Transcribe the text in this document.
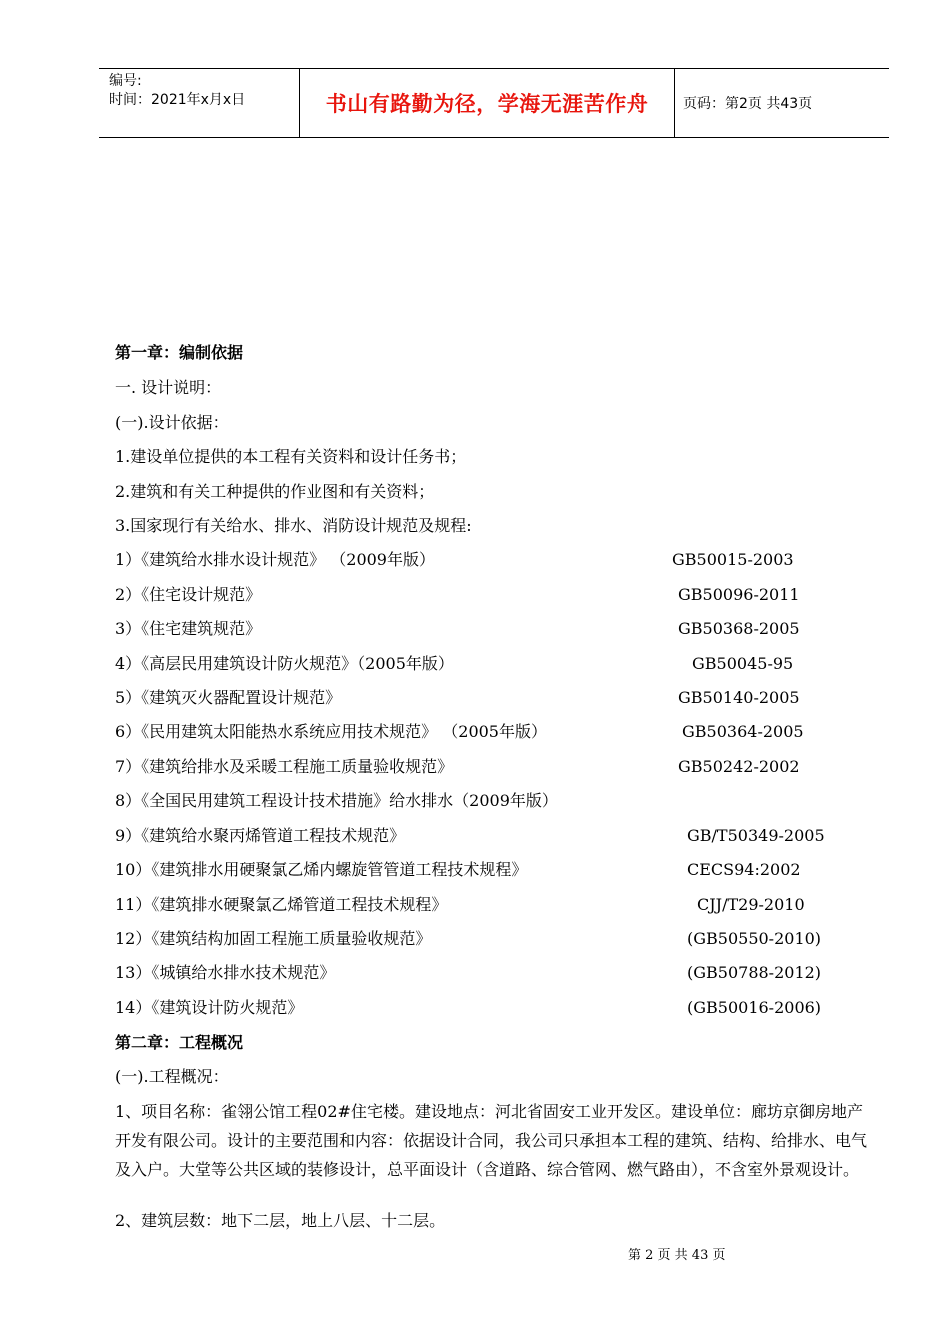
编号:
时间：2021年x月x日	书山有路勤为径，学海无涯苦作舟 页码：第2页 共43页
第一章：编制依据
一. 设计说明：
(一).设计依据：
1.建设单位提供的本工程有关资料和设计任务书；
2.建筑和有关工种提供的作业图和有关资料；
3.国家现行有关给水、排水、消防设计规范及规程:
1）《建筑给水排水设计规范》 （2009年版）	GB50015-2003
2）《住宅设计规范》	GB50096-2011
3）《住宅建筑规范》	GB50368-2005
4）《高层民用建筑设计防火规范》（2005年版）	GB50045-95
5）《建筑灭火器配置设计规范》	GB50140-2005
6）《民用建筑太阳能热水系统应用技术规范》 （2005年版）	GB50364-2005
7）《建筑给排水及采暖工程施工质量验收规范》	GB50242-2002
8）《全国民用建筑工程设计技术措施》给水排水（2009年版）
9）《建筑给水聚丙烯管道工程技术规范》	GB/T50349-2005
10）《建筑排水用硬聚氯乙烯内螺旋管管道工程技术规程》	CECS94:2002
11）《建筑排水硬聚氯乙烯管道工程技术规程》	CJJ/T29-2010
12）《建筑结构加固工程施工质量验收规范》	(GB50550-2010)
13）《城镇给水排水技术规范》	(GB50788-2012)
14）《建筑设计防火规范》	(GB50016-2006)
第二章：工程概况
(一).工程概况：
1、项目名称：雀翎公馆工程02#住宅楼。建设地点：河北省固安工业开发区。建设单位：廊坊京御房地产开发有限公司。设计的主要范围和内容：依据设计合同，我公司只承担本工程的建筑、结构、给排水、电气及入户。大堂等公共区域的装修设计，总平面设计（含道路、综合管网、燃气路由），不含室外景观设计。
2、建筑层数：地下二层，地上八层、十二层。
第 2 页 共 43 页
